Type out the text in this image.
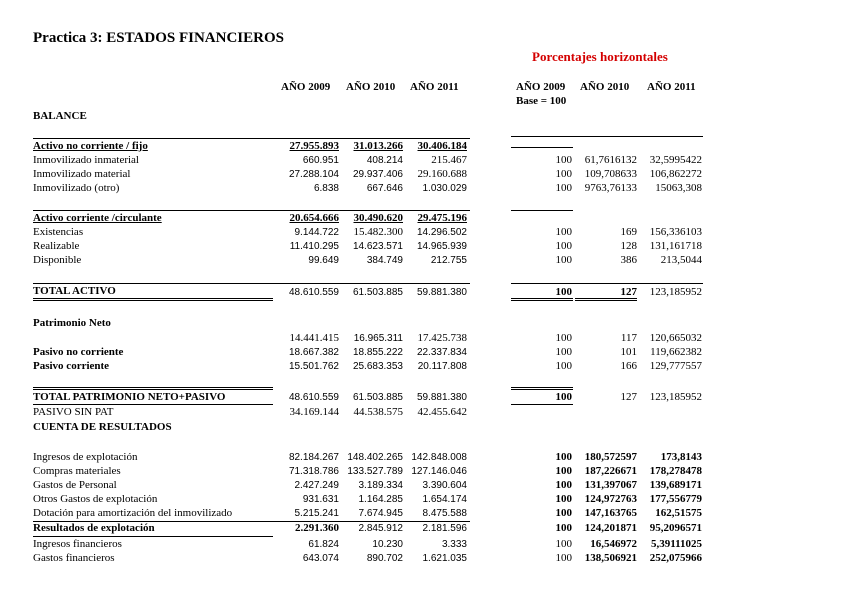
Practica 3: ESTADOS FINANCIEROS
Porcentajes horizontales
AÑO 2009 AÑO 2010 AÑO 2011	AÑO 2009 AÑO 2010 AÑO 2011
Base = 100
BALANCE
Activo no corriente / fijo	27.955.893	31.013.266	30.406.184
Inmovilizado inmaterial	660.951	408.214	215.467	100	61,7616132	32,5995422
Inmovilizado material	27.288.104	29.937.406	29.160.688	100	109,708633	106,862272
Inmovilizado (otro)	6.838	667.646	1.030.029	100	9763,76133	15063,308
Activo corriente /circulante	20.654.666	30.490.620	29.475.196
Existencias	9.144.722	15.482.300	14.296.502	100	169	156,336103
Realizable	11.410.295	14.623.571	14.965.939	100	128	131,161718
Disponible	99.649	384.749	212.755	100	386	213,5044
TOTAL ACTIVO	48.610.559	61.503.885	59.881.380	100	127	123,185952
Patrimonio Neto
14.441.415	16.965.311	17.425.738	100	117	120,665032
Pasivo no corriente	18.667.382	18.855.222	22.337.834	100	101	119,662382
Pasivo corriente	15.501.762	25.683.353	20.117.808	100	166	129,777557
TOTAL PATRIMONIO NETO+PASIVO	48.610.559	61.503.885	59.881.380	100	127	123,185952
PASIVO SIN PAT	34.169.144	44.538.575	42.455.642
CUENTA DE RESULTADOS
Ingresos de explotación	82.184.267 148.402.265 142.848.008	100	180,572597	173,8143
Compras materiales	71.318.786 133.527.789 127.146.046	100	187,226671	178,278478
Gastos de Personal	2.427.249	3.189.334	3.390.604	100	131,397067	139,689171
Otros Gastos de explotación	931.631	1.164.285	1.654.174	100	124,972763	177,556779
Dotación para amortización del inmovilizado	5.215.241	7.674.945	8.475.588	100	147,163765	162,51575
Resultados de explotación	2.291.360	2.845.912	2.181.596	100	124,201871	95,2096571
Ingresos financieros	61.824	10.230	3.333	100	16,546972	5,39111025
Gastos financieros	643.074	890.702	1.621.035	100	138,506921	252,075966
